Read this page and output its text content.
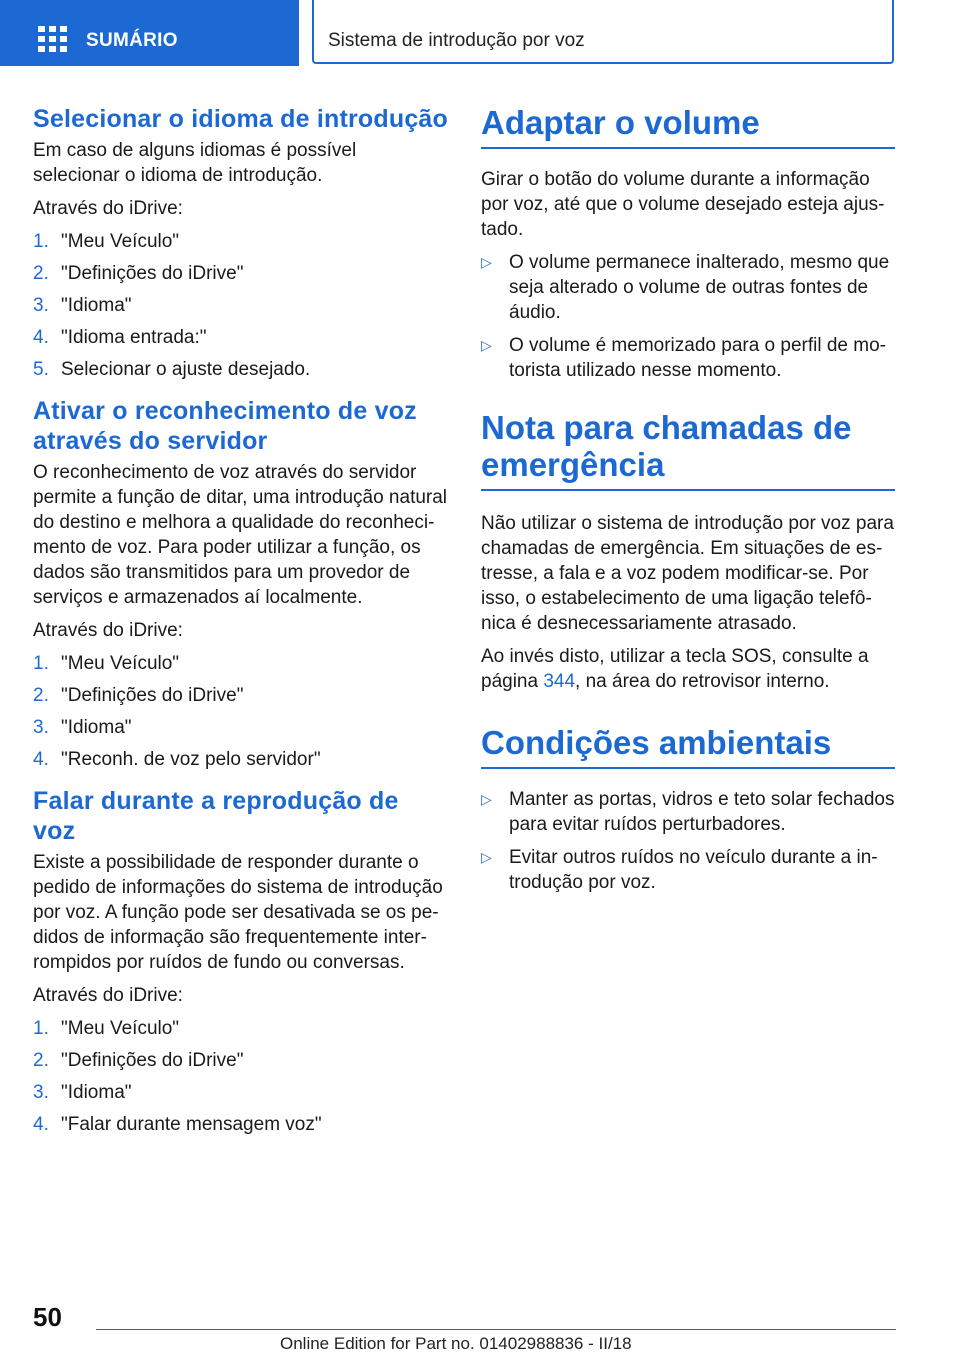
SUMÁRIO	Sistema de introdução por voz
Selecionar o idioma de introdução

Em caso de alguns idiomas é possível selecionar o idioma de introdução.

Através do iDrive:

1. "Meu Veículo"
2. "Definições do iDrive"
3. "Idioma"
4. "Idioma entrada:"
5. Selecionar o ajuste desejado.
Ativar o reconhecimento de voz através do servidor

O reconhecimento de voz através do servidor permite a função de ditar, uma introdução natural do destino e melhora a qualidade do reconhecimento de voz. Para poder utilizar a função, os dados são transmitidos para um provedor de serviços e armazenados aí localmente.

Através do iDrive:

1. "Meu Veículo"
2. "Definições do iDrive"
3. "Idioma"
4. "Reconh. de voz pelo servidor"
Falar durante a reprodução de voz

Existe a possibilidade de responder durante o pedido de informações do sistema de introdução por voz. A função pode ser desativada se os pedidos de informação são frequentemente interrompidos por ruídos de fundo ou conversas.

Através do iDrive:

1. "Meu Veículo"
2. "Definições do iDrive"
3. "Idioma"
4. "Falar durante mensagem voz"
Adaptar o volume

Girar o botão do volume durante a informação por voz, até que o volume desejado esteja ajustado.

▷ O volume permanece inalterado, mesmo que seja alterado o volume de outras fontes de áudio.
▷ O volume é memorizado para o perfil de motorista utilizado nesse momento.
Nota para chamadas de emergência

Não utilizar o sistema de introdução por voz para chamadas de emergência. Em situações de estresse, a fala e a voz podem modificar-se. Por isso, o estabelecimento de uma ligação telefônica é desnecessariamente atrasado.

Ao invés disto, utilizar a tecla SOS, consulte a página 344, na área do retrovisor interno.

Condições ambientais
▷ Manter as portas, vidros e teto solar fechados para evitar ruídos perturbadores.
▷ Evitar outros ruídos no veículo durante a introdução por voz.
50
Online Edition for Part no. 01402988836 - II/18
